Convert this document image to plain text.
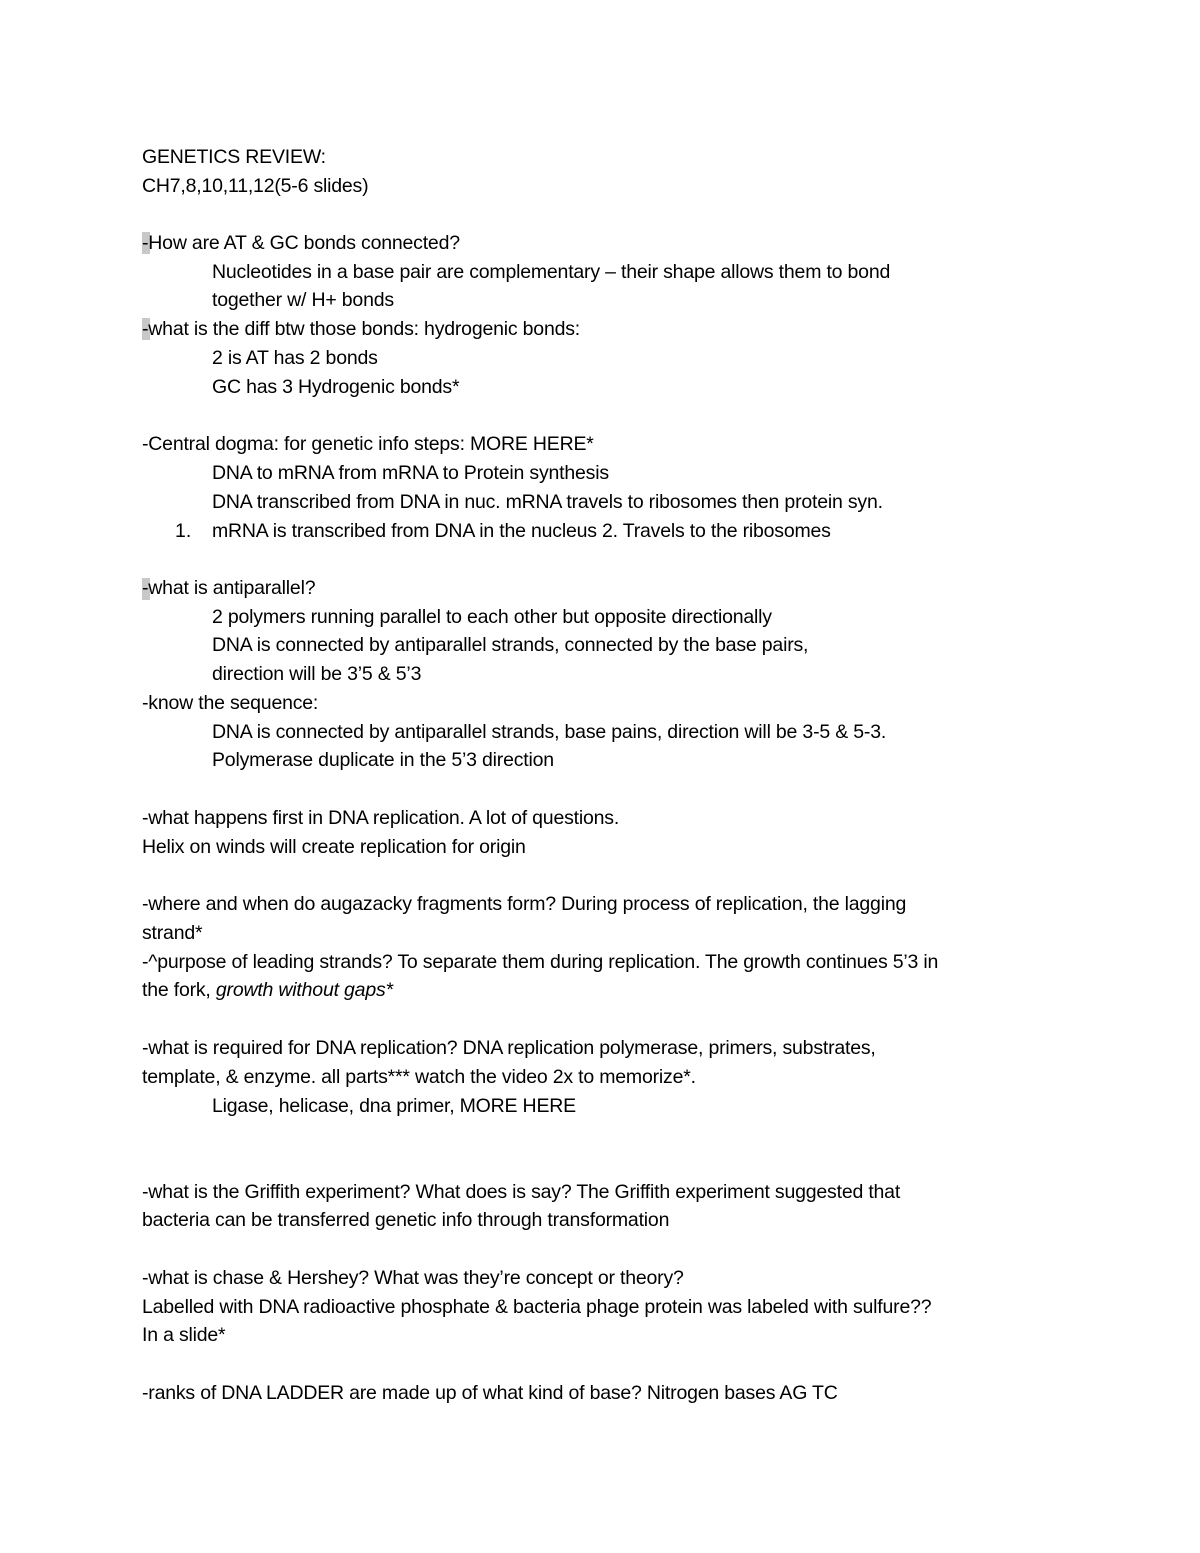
GENETICS REVIEW:
CH7,8,10,11,12(5-6 slides)
-How are AT & GC bonds connected?
Nucleotides in a base pair are complementary – their shape allows them to bond
together w/ H+ bonds
-what is the diff btw those bonds: hydrogenic bonds:
2 is AT has 2 bonds
GC has 3 Hydrogenic bonds*
-Central dogma: for genetic info steps: MORE HERE*
DNA to mRNA from mRNA to Protein synthesis
DNA transcribed from DNA in nuc. mRNA travels to ribosomes then protein syn.
1. mRNA is transcribed from DNA in the nucleus 2. Travels to the ribosomes
-what is antiparallel?
2 polymers running parallel to each other but opposite directionally
DNA is connected by antiparallel strands, connected by the base pairs,
direction will be 3’5 & 5’3
-know the sequence:
DNA is connected by antiparallel strands, base pains, direction will be 3-5 & 5-3.
Polymerase duplicate in the 5’3 direction
-what happens first in DNA replication. A lot of questions.
Helix on winds will create replication for origin
-where and when do augazacky fragments form? During process of replication, the lagging
strand*
-^purpose of leading strands? To separate them during replication. The growth continues 5’3 in
the fork, growth without gaps*
-what is required for DNA replication? DNA replication polymerase, primers, substrates,
template, & enzyme. all parts*** watch the video 2x to memorize*.
Ligase, helicase, dna primer, MORE HERE
-what is the Griffith experiment? What does is say? The Griffith experiment suggested that
bacteria can be transferred genetic info through transformation
-what is chase & Hershey? What was they’re concept or theory?
Labelled with DNA radioactive phosphate & bacteria phage protein was labeled with sulfure??
In a slide*
-ranks of DNA LADDER are made up of what kind of base? Nitrogen bases AG TC
